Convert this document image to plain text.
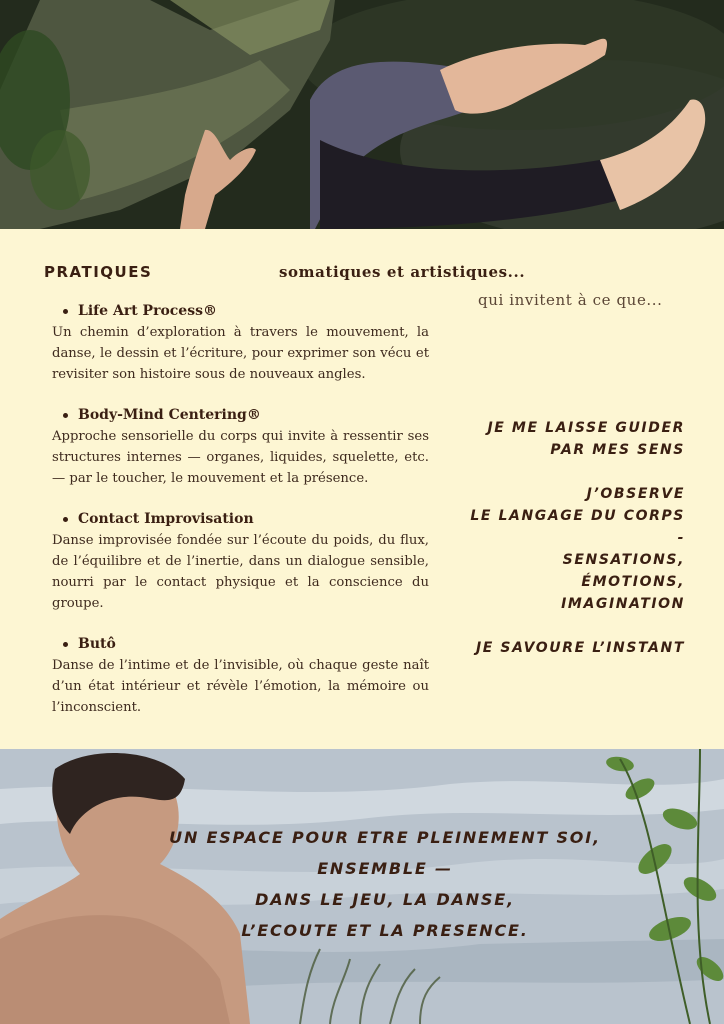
PRATIQUES	somatiques et artistiques...

qui invitent à ce que...

Life Art Process®

Un chemin d’exploration à travers le mouvement, la danse, le dessin et l’écriture, pour exprimer son vécu et revisiter son histoire sous de nouveaux angles.

Body-Mind Centering®

Approche sensorielle du corps qui invite à ressentir ses structures internes — organes, liquides, squelette, etc. — par le toucher, le mouvement et la présence.

Contact Improvisation

Danse improvisée fondée sur l’écoute du poids, du flux, de l’équilibre et de l’inertie, dans un dialogue sensible, nourri par le contact physique et la conscience du groupe.

Butô

Danse de l’intime et de l’invisible, où chaque geste naît d’un état intérieur et révèle l’émotion, la mémoire ou l’inconscient.

JE ME LAISSE GUIDER
PAR MES SENS
J’OBSERVE
LE LANGAGE DU CORPS
-
SENSATIONS,
ÉMOTIONS,
IMAGINATION
JE SAVOURE L’INSTANT
UN ESPACE POUR ETRE PLEINEMENT SOI,
ENSEMBLE —
DANS LE JEU, LA DANSE,
L’ECOUTE ET LA PRESENCE.
